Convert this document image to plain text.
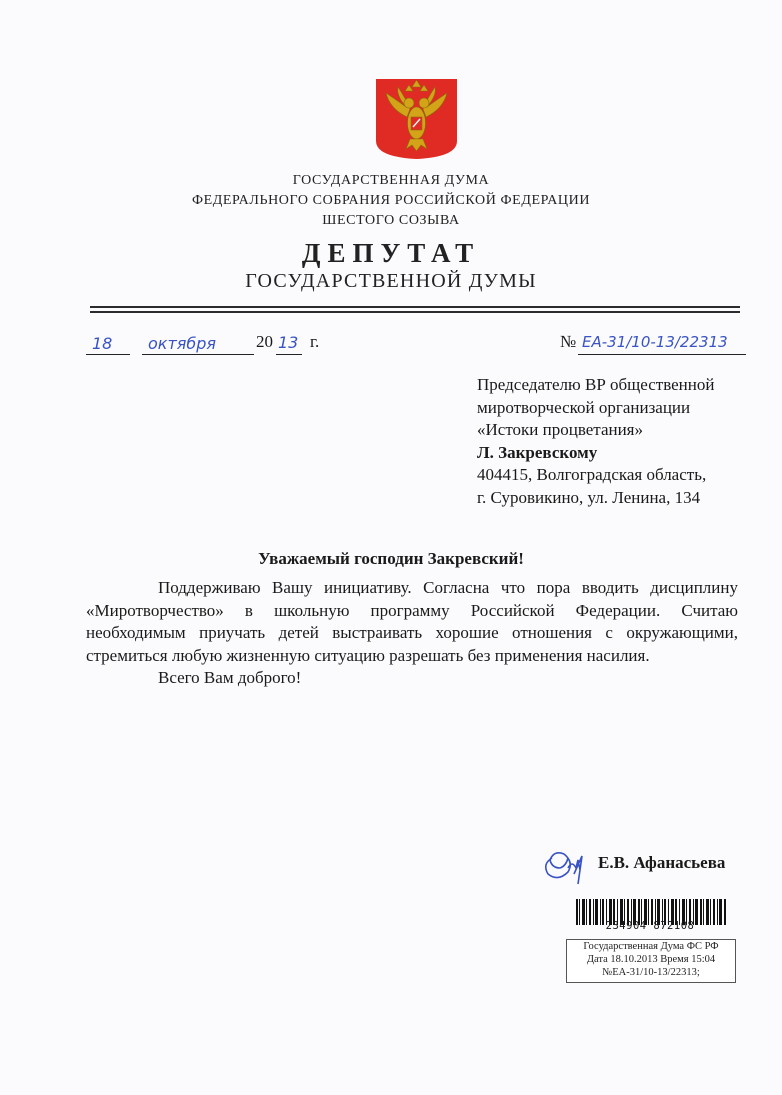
ГОСУДАРСТВЕННАЯ ДУМА
ФЕДЕРАЛЬНОГО СОБРАНИЯ РОССИЙСКОЙ ФЕДЕРАЦИИ
ШЕСТОГО СОЗЫВА
ДЕПУТАТ
ГОСУДАРСТВЕННОЙ ДУМЫ
18 октября 20 13 г.	№ ЕА-31/10-13/22313
Председателю ВР общественной
миротворческой организации
«Истоки процветания»
Л. Закревскому
404415, Волгоградская область,
г. Суровикино, ул. Ленина, 134
Уважаемый господин Закревский!

Поддерживаю Вашу инициативу. Согласна что пора вводить дисциплину «Миротворчество» в школьную программу Российской Федерации. Считаю необходимым приучать детей выстраивать хорошие отношения с окружающими, стремиться любую жизненную ситуацию разрешать без применения насилия.

Всего Вам доброго!

Е.В. Афанасьева
234904 872108
Государственная Дума ФС РФ
Дата 18.10.2013 Время 15:04
№ЕА-31/10-13/22313;
